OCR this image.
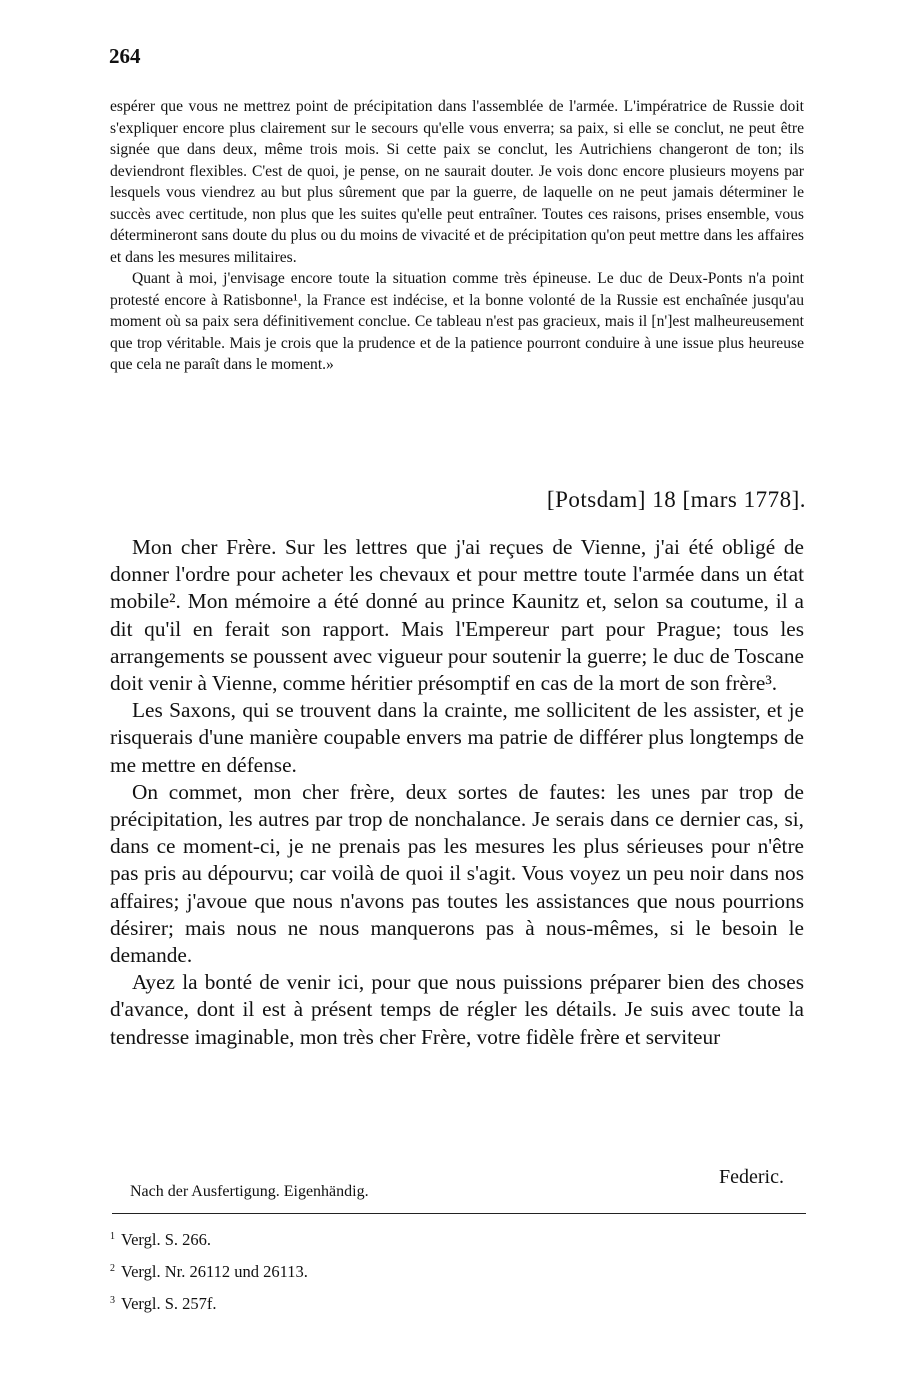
264

espérer que vous ne mettrez point de précipitation dans l'assemblée de l'armée. L'impératrice de Russie doit s'expliquer encore plus clairement sur le secours qu'elle vous enverra; sa paix, si elle se conclut, ne peut être signée que dans deux, même trois mois. Si cette paix se conclut, les Autrichiens changeront de ton; ils deviendront flexibles. C'est de quoi, je pense, on ne saurait douter. Je vois donc encore plusieurs moyens par lesquels vous viendrez au but plus sûrement que par la guerre, de laquelle on ne peut jamais déterminer le succès avec certitude, non plus que les suites qu'elle peut entraîner. Toutes ces raisons, prises ensemble, vous détermineront sans doute du plus ou du moins de vivacité et de précipitation qu'on peut mettre dans les affaires et dans les mesures militaires.

Quant à moi, j'envisage encore toute la situation comme très épineuse. Le duc de Deux-Ponts n'a point protesté encore à Ratisbonne¹, la France est indécise, et la bonne volonté de la Russie est enchaînée jusqu'au moment où sa paix sera définitivement conclue. Ce tableau n'est pas gracieux, mais il [n']est malheureusement que trop véritable. Mais je crois que la prudence et de la patience pourront conduire à une issue plus heureuse que cela ne paraît dans le moment.»

[Potsdam] 18 [mars 1778].

Mon cher Frère. Sur les lettres que j'ai reçues de Vienne, j'ai été obligé de donner l'ordre pour acheter les chevaux et pour mettre toute l'armée dans un état mobile². Mon mémoire a été donné au prince Kaunitz et, selon sa coutume, il a dit qu'il en ferait son rapport. Mais l'Empereur part pour Prague; tous les arrangements se poussent avec vigueur pour soutenir la guerre; le duc de Toscane doit venir à Vienne, comme héritier présomptif en cas de la mort de son frère³.

Les Saxons, qui se trouvent dans la crainte, me sollicitent de les assister, et je risquerais d'une manière coupable envers ma patrie de différer plus longtemps de me mettre en défense.

On commet, mon cher frère, deux sortes de fautes: les unes par trop de précipitation, les autres par trop de nonchalance. Je serais dans ce dernier cas, si, dans ce moment-ci, je ne prenais pas les mesures les plus sérieuses pour n'être pas pris au dépourvu; car voilà de quoi il s'agit. Vous voyez un peu noir dans nos affaires; j'avoue que nous n'avons pas toutes les assistances que nous pourrions désirer; mais nous ne nous manquerons pas à nous-mêmes, si le besoin le demande.

Ayez la bonté de venir ici, pour que nous puissions préparer bien des choses d'avance, dont il est à présent temps de régler les détails. Je suis avec toute la tendresse imaginable, mon très cher Frère, votre fidèle frère et serviteur

Federic.
Nach der Ausfertigung. Eigenhändig.
$^1$ Vergl. S. 266.
$^2$ Vergl. Nr. 26112 und 26113.
$^3$ Vergl. S. 257f.
